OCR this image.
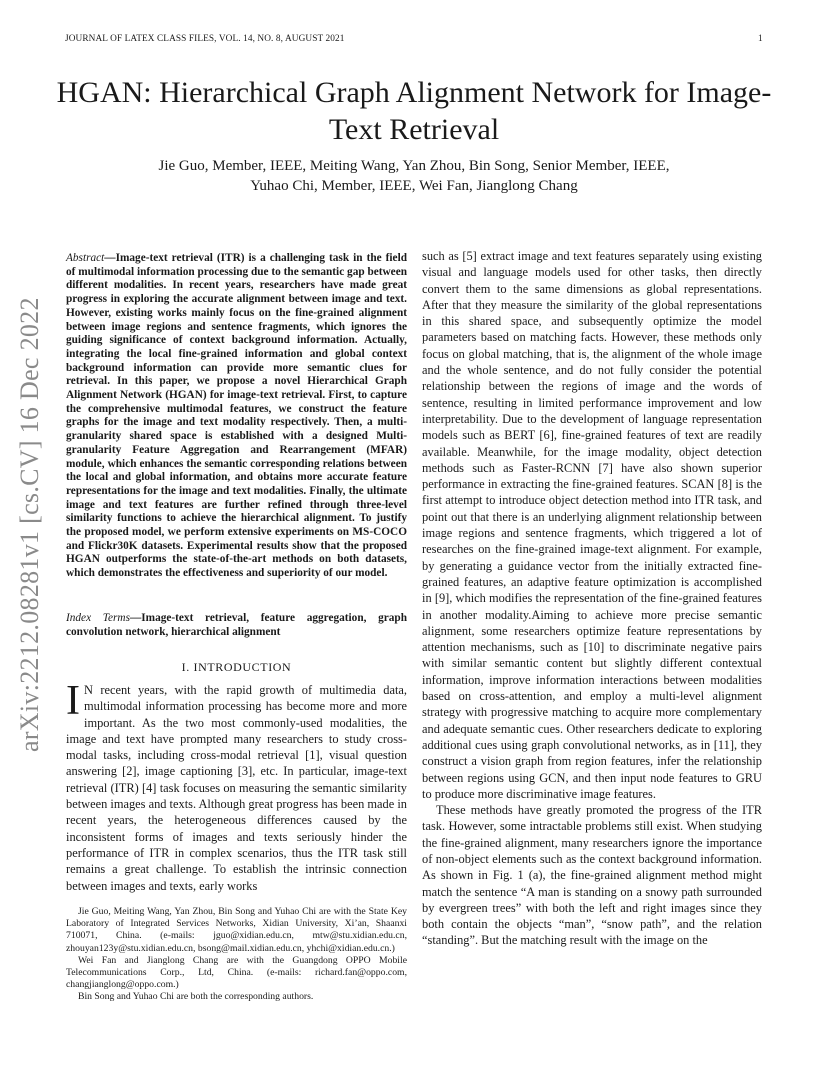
JOURNAL OF LATEX CLASS FILES, VOL. 14, NO. 8, AUGUST 2021	1
HGAN: Hierarchical Graph Alignment Network for Image-Text Retrieval
Jie Guo, Member, IEEE, Meiting Wang, Yan Zhou, Bin Song, Senior Member, IEEE,
Yuhao Chi, Member, IEEE, Wei Fan, Jianglong Chang
arXiv:2212.08281v1 [cs.CV] 16 Dec 2022
Abstract—Image-text retrieval (ITR) is a challenging task in the field of multimodal information processing due to the semantic gap between different modalities. In recent years, researchers have made great progress in exploring the accurate alignment between image and text. However, existing works mainly focus on the fine-grained alignment between image regions and sentence fragments, which ignores the guiding significance of context background information. Actually, integrating the local fine-grained information and global context background information can provide more semantic clues for retrieval. In this paper, we propose a novel Hierarchical Graph Alignment Network (HGAN) for image-text retrieval. First, to capture the comprehensive multimodal features, we construct the feature graphs for the image and text modality respectively. Then, a multi-granularity shared space is established with a designed Multi-granularity Feature Aggregation and Rearrangement (MFAR) module, which enhances the semantic corresponding relations between the local and global information, and obtains more accurate feature representations for the image and text modalities. Finally, the ultimate image and text features are further refined through three-level similarity functions to achieve the hierarchical alignment. To justify the proposed model, we perform extensive experiments on MS-COCO and Flickr30K datasets. Experimental results show that the proposed HGAN outperforms the state-of-the-art methods on both datasets, which demonstrates the effectiveness and superiority of our model.
Index Terms—Image-text retrieval, feature aggregation, graph convolution network, hierarchical alignment
I. INTRODUCTION
I N recent years, with the rapid growth of multimedia data, multimodal information processing has become more and more important. As the two most commonly-used modalities, the image and text have prompted many researchers to study cross-modal tasks, including cross-modal retrieval [1], visual question answering [2], image captioning [3], etc. In particular, image-text retrieval (ITR) [4] task focuses on measuring the semantic similarity between images and texts. Although great progress has been made in recent years, the heterogeneous differences caused by the inconsistent forms of images and texts seriously hinder the performance of ITR in complex scenarios, thus the ITR task still remains a great challenge. To establish the intrinsic connection between images and texts, early works

Jie Guo, Meiting Wang, Yan Zhou, Bin Song and Yuhao Chi are with the State Key Laboratory of Integrated Services Networks, Xidian University, Xi’an, Shaanxi 710071, China. (e-mails: jguo@xidian.edu.cn, mtw@stu.xidian.edu.cn, zhouyan123y@stu.xidian.edu.cn, bsong@mail.xidian.edu.cn, yhchi@xidian.edu.cn.)

Wei Fan and Jianglong Chang are with the Guangdong OPPO Mobile Telecommunications Corp., Ltd, China. (e-mails: richard.fan@oppo.com, changjianglong@oppo.com.)

Bin Song and Yuhao Chi are both the corresponding authors.

such as [5] extract image and text features separately using existing visual and language models used for other tasks, then directly convert them to the same dimensions as global representations. After that they measure the similarity of the global representations in this shared space, and subsequently optimize the model parameters based on matching facts. However, these methods only focus on global matching, that is, the alignment of the whole image and the whole sentence, and do not fully consider the potential relationship between the regions of image and the words of sentence, resulting in limited performance improvement and low interpretability. Due to the development of language representation models such as BERT [6], fine-grained features of text are readily available. Meanwhile, for the image modality, object detection methods such as Faster-RCNN [7] have also shown superior performance in extracting the fine-grained features. SCAN [8] is the first attempt to introduce object detection method into ITR task, and point out that there is an underlying alignment relationship between image regions and sentence fragments, which triggered a lot of researches on the fine-grained image-text alignment. For example, by generating a guidance vector from the initially extracted fine-grained features, an adaptive feature optimization is accomplished in [9], which modifies the representation of the fine-grained features in another modality.Aiming to achieve more precise semantic alignment, some researchers optimize feature representations by attention mechanisms, such as [10] to discriminate negative pairs with similar semantic content but slightly different contextual information, improve information interactions between modalities based on cross-attention, and employ a multi-level alignment strategy with progressive matching to acquire more complementary and adequate semantic cues. Other researchers dedicate to exploring additional cues using graph convolutional networks, as in [11], they construct a vision graph from region features, infer the relationship between regions using GCN, and then input node features to GRU to produce more discriminative image features.

These methods have greatly promoted the progress of the ITR task. However, some intractable problems still exist. When studying the fine-grained alignment, many researchers ignore the importance of non-object elements such as the context background information. As shown in Fig. 1 (a), the fine-grained alignment method might match the sentence “A man is standing on a snowy path surrounded by evergreen trees” with both the left and right images since they both contain the objects “man”, “snow path”, and the relation “standing”. But the matching result with the image on the
